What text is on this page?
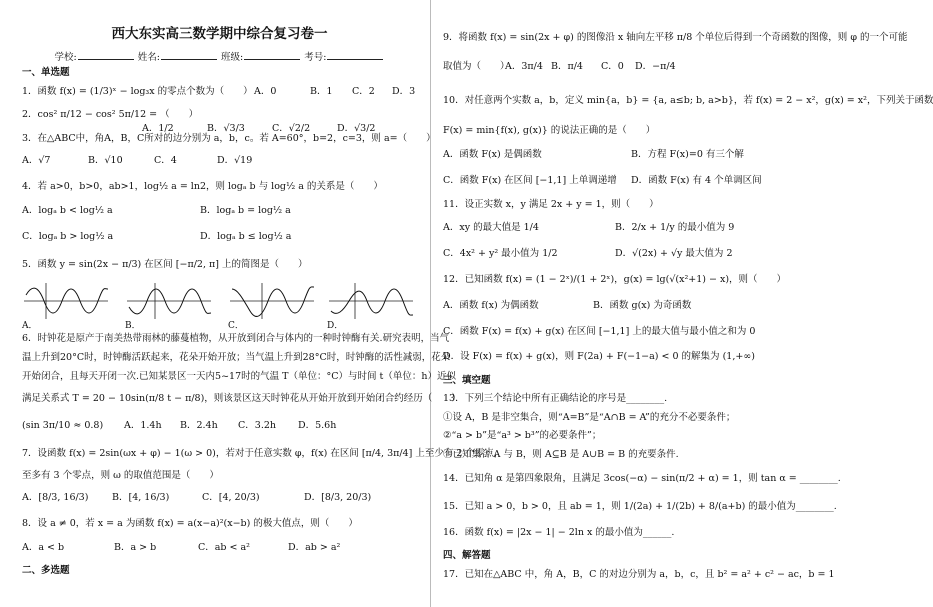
西大东实高三数学期中综合复习卷一
学校:	姓名:	班级:	考号:
一、单选题
1．函数 f(x) = (1/3)ˣ − log₃x 的零点个数为（　　） A．0	B．1 C．2 D．3
2．cos² π/12 − cos² 5π/12 = （　　）
A．1/2	B．√3/3	C．√2/2	D．√3/2
3．在△ABC中，角A，B，C所对的边分别为 a，b，c。若 A=60°，b=2，c=3，则 a=（　　）
A．√7	B．√10	C．4	D．√19
4．若 a>0，b>0，ab>1，log½ a = ln2，则 logₐ b 与 log½ a 的关系是（　　）
A．logₐ b < log½ a	B．logₐ b = log½ a
C．logₐ b > log½ a	D．logₐ b ≤ log½ a
5．函数 y = sin(2x − π/3) 在区间 [−π/2, π] 上的简图是（　　）
A．	B．	C．	D．
6．时钟花是原产于南美热带雨林的藤蔓植物，从开放到闭合与体内的一种时钟酶有关.研究表明，当气
温上升到20°C时，时钟酶活跃起来，花朵开始开放；当气温上升到28°C时，时钟酶的活性减弱，花朵
开始闭合，且每天开闭一次.已知某景区一天内5~17时的气温 T（单位：°C）与时间 t（单位：h）近似
满足关系式 T = 20 − 10sin(π/8 t − π/8)，则该景区这天时钟花从开始开放到开始闭合约经历（　　）
(sin 3π/10 ≈ 0.8) A．1.4h B．2.4h C．3.2h D．5.6h
7．设函数 f(x) = 2sin(ωx + φ) − 1(ω > 0)，若对于任意实数 φ，f(x) 在区间 [π/4, 3π/4] 上至少有 2 个零点，
至多有 3 个零点，则 ω 的取值范围是（　　）
A．[8/3, 16/3) B．[4, 16/3)	C．[4, 20/3)	D．[8/3, 20/3)
8．设 a ≠ 0，若 x = a 为函数 f(x) = a(x−a)²(x−b) 的极大值点，则（　　）
A．a < b	B．a > b	C．ab < a²	D．ab > a²
二、多选题
9．将函数 f(x) = sin(2x + φ) 的图像沿 x 轴向左平移 π/8 个单位后得到一个奇函数的图像，则 φ 的一个可能
取值为（　　）
A．3π/4 B．π/4 C．0 D．−π/4
10．对任意两个实数 a，b，定义 min{a，b} = {a, a≤b; b, a>b}，若 f(x) = 2 − x²，g(x) = x²，下列关于函数
F(x) = min{f(x), g(x)} 的说法正确的是（　　）
A．函数 F(x) 是偶函数	B．方程 F(x)=0 有三个解
C．函数 F(x) 在区间 [−1,1] 上单调递增 D．函数 F(x) 有 4 个单调区间
11．设正实数 x，y 满足 2x + y = 1，则（　　）
A．xy 的最大值是 1/4	B．2/x + 1/y 的最小值为 9
C．4x² + y² 最小值为 1/2	D．√(2x) + √y 最大值为 2
12．已知函数 f(x) = (1 − 2ˣ)/(1 + 2ˣ)，g(x) = lg(√(x²+1) − x)，则（　　）
A．函数 f(x) 为偶函数	B．函数 g(x) 为奇函数
C．函数 F(x) = f(x) + g(x) 在区间 [−1,1] 上的最大值与最小值之和为 0
D．设 F(x) = f(x) + g(x)，则 F(2a) + F(−1−a) < 0 的解集为 (1,+∞)
三、填空题
13．下列三个结论中所有正确结论的序号是________.
①设 A，B 是非空集合，则“A=B”是“A∩B = A”的充分不必要条件；
②“a > b”是“a³ > b³”的必要条件”；
③已知集合 A 与 B，则 A⊆B 是 A∪B = B 的充要条件.
14．已知角 α 是第四象限角，且满足 3cos(−α) − sin(π/2 + α) = 1，则 tan α = ________.
15．已知 a > 0，b > 0，且 ab = 1，则 1/(2a) + 1/(2b) + 8/(a+b) 的最小值为________.
16．函数 f(x) = |2x − 1| − 2ln x 的最小值为______.
四、解答题
17．已知在△ABC 中，角 A，B，C 的对边分别为 a，b，c，且 b² = a² + c² − ac，b = 1
